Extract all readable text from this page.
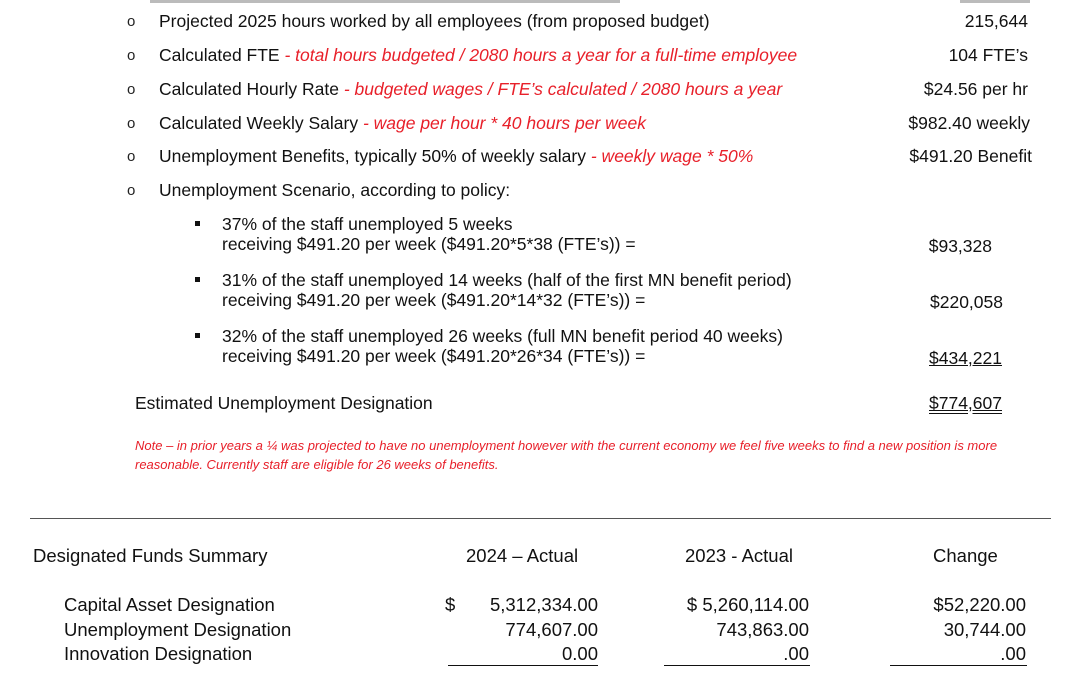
o Projected 2025 hours worked by all employees (from proposed budget)	215,644
o Calculated FTE - total hours budgeted / 2080 hours a year for a full-time employee	104 FTE’s
o Calculated Hourly Rate - budgeted wages / FTE’s calculated / 2080 hours a year	$24.56 per hr
o Calculated Weekly Salary - wage per hour * 40 hours per week	$982.40 weekly
o Unemployment Benefits, typically 50% of weekly salary - weekly wage * 50%	$491.20 Benefit
o Unemployment Scenario, according to policy:
37% of the staff unemployed 5 weeks
receiving $491.20 per week ($491.20*5*38 (FTE’s)) =	$93,328
31% of the staff unemployed 14 weeks (half of the first MN benefit period)
receiving $491.20 per week ($491.20*14*32 (FTE’s)) =	$220,058
32% of the staff unemployed 26 weeks (full MN benefit period 40 weeks)
receiving $491.20 per week ($491.20*26*34 (FTE’s)) =	$434,221
Estimated Unemployment Designation	$774,607
Note – in prior years a ¼ was projected to have no unemployment however with the current economy we feel five weeks to find a new position is more reasonable. Currently staff are eligible for 26 weeks of benefits.
Designated Funds Summary	2024 – Actual	2023 - Actual	Change
Capital Asset Designation	$ 5,312,334.00	$ 5,260,114.00	$52,220.00
Unemployment Designation	774,607.00	743,863.00	30,744.00
Innovation Designation	0.00	.00	.00
